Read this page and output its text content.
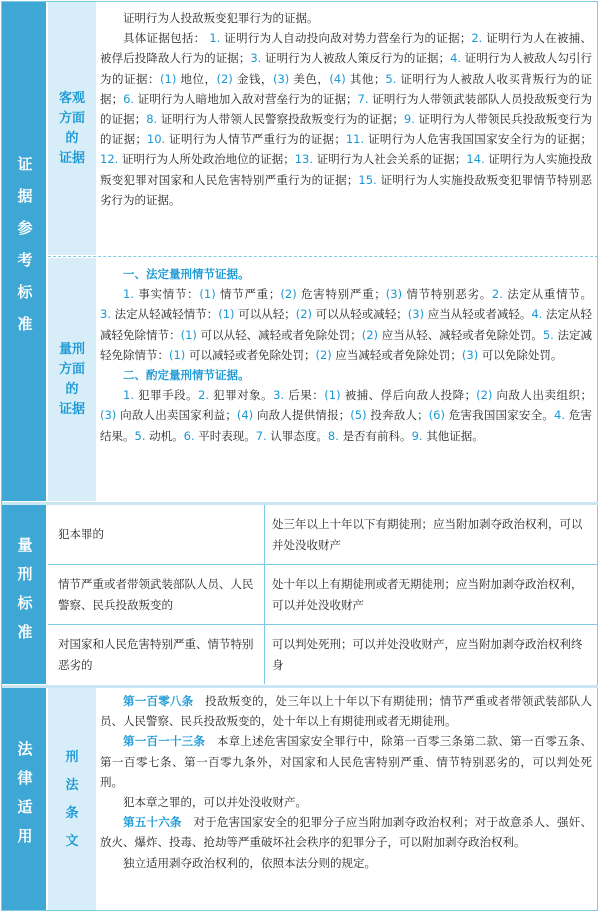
证据参考标准
客观
方面
的
证据

证明行为人投敌叛变犯罪行为的证据。

具体证据包括： 1. 证明行为人自动投向敌对势力营垒行为的证据；2. 证明行为人在被捕、被俘后投降敌人行为的证据；3. 证明行为人被敌人策反行为的证据；4. 证明行为人被敌人勾引行为的证据：(1) 地位，(2) 金钱，(3) 美色，(4) 其他；5. 证明行为人被敌人收买背叛行为的证据；6. 证明行为人暗地加入敌对营垒行为的证据；7. 证明行为人带领武装部队人员投敌叛变行为的证据；8. 证明行为人带领人民警察投敌叛变行为的证据；9. 证明行为人带领民兵投敌叛变行为的证据；10. 证明行为人情节严重行为的证据；11. 证明行为人危害我国国家安全行为的证据；12. 证明行为人所处政治地位的证据；13. 证明行为人社会关系的证据；14. 证明行为人实施投敌叛变犯罪对国家和人民危害特别严重行为的证据；15. 证明行为人实施投敌叛变犯罪情节特别恶劣行为的证据。

量刑
方面
的
证据

一、法定量刑情节证据。

1. 事实情节：(1) 情节严重；(2) 危害特别严重；(3) 情节特别恶劣。2. 法定从重情节。3. 法定从轻减轻情节：(1) 可以从轻；(2) 可以从轻或减轻；(3) 应当从轻或者减轻。4. 法定从轻减轻免除情节：(1) 可以从轻、减轻或者免除处罚；(2) 应当从轻、减轻或者免除处罚。5. 法定减轻免除情节：(1) 可以减轻或者免除处罚；(2) 应当减轻或者免除处罚；(3) 可以免除处罚。

二、酌定量刑情节证据。

1. 犯罪手段。2. 犯罪对象。3. 后果：(1) 被捕、俘后向敌人投降；(2) 向敌人出卖组织；(3) 向敌人出卖国家利益；(4) 向敌人提供情报；(5) 投奔敌人；(6) 危害我国国家安全。4. 危害结果。5. 动机。6. 平时表现。7. 认罪态度。8. 是否有前科。9. 其他证据。

量刑标准
犯本罪的
处三年以上十年以下有期徒刑；应当附加剥夺政治权利，可以并处没收财产
情节严重或者带领武装部队人员、人民警察、民兵投敌叛变的
处十年以上有期徒刑或者无期徒刑；应当附加剥夺政治权利，可以并处没收财产
对国家和人民危害特别严重、情节特别恶劣的
可以判处死刑；可以并处没收财产，应当附加剥夺政治权利终身
法律适用 刑
法
条
文

第一百零八条　 投敌叛变的，处三年以上十年以下有期徒刑；情节严重或者带领武装部队人员、人民警察、民兵投敌叛变的，处十年以上有期徒刑或者无期徒刑。

第一百一十三条　 本章上述危害国家安全罪行中，除第一百零三条第二款、第一百零五条、第一百零七条、第一百零九条外，对国家和人民危害特别严重、情节特别恶劣的，可以判处死刑。

犯本章之罪的，可以并处没收财产。

第五十六条　 对于危害国家安全的犯罪分子应当附加剥夺政治权利；对于故意杀人、强奸、放火、爆炸、投毒、抢劫等严重破坏社会秩序的犯罪分子，可以附加剥夺政治权利。

独立适用剥夺政治权利的，依照本法分则的规定。
